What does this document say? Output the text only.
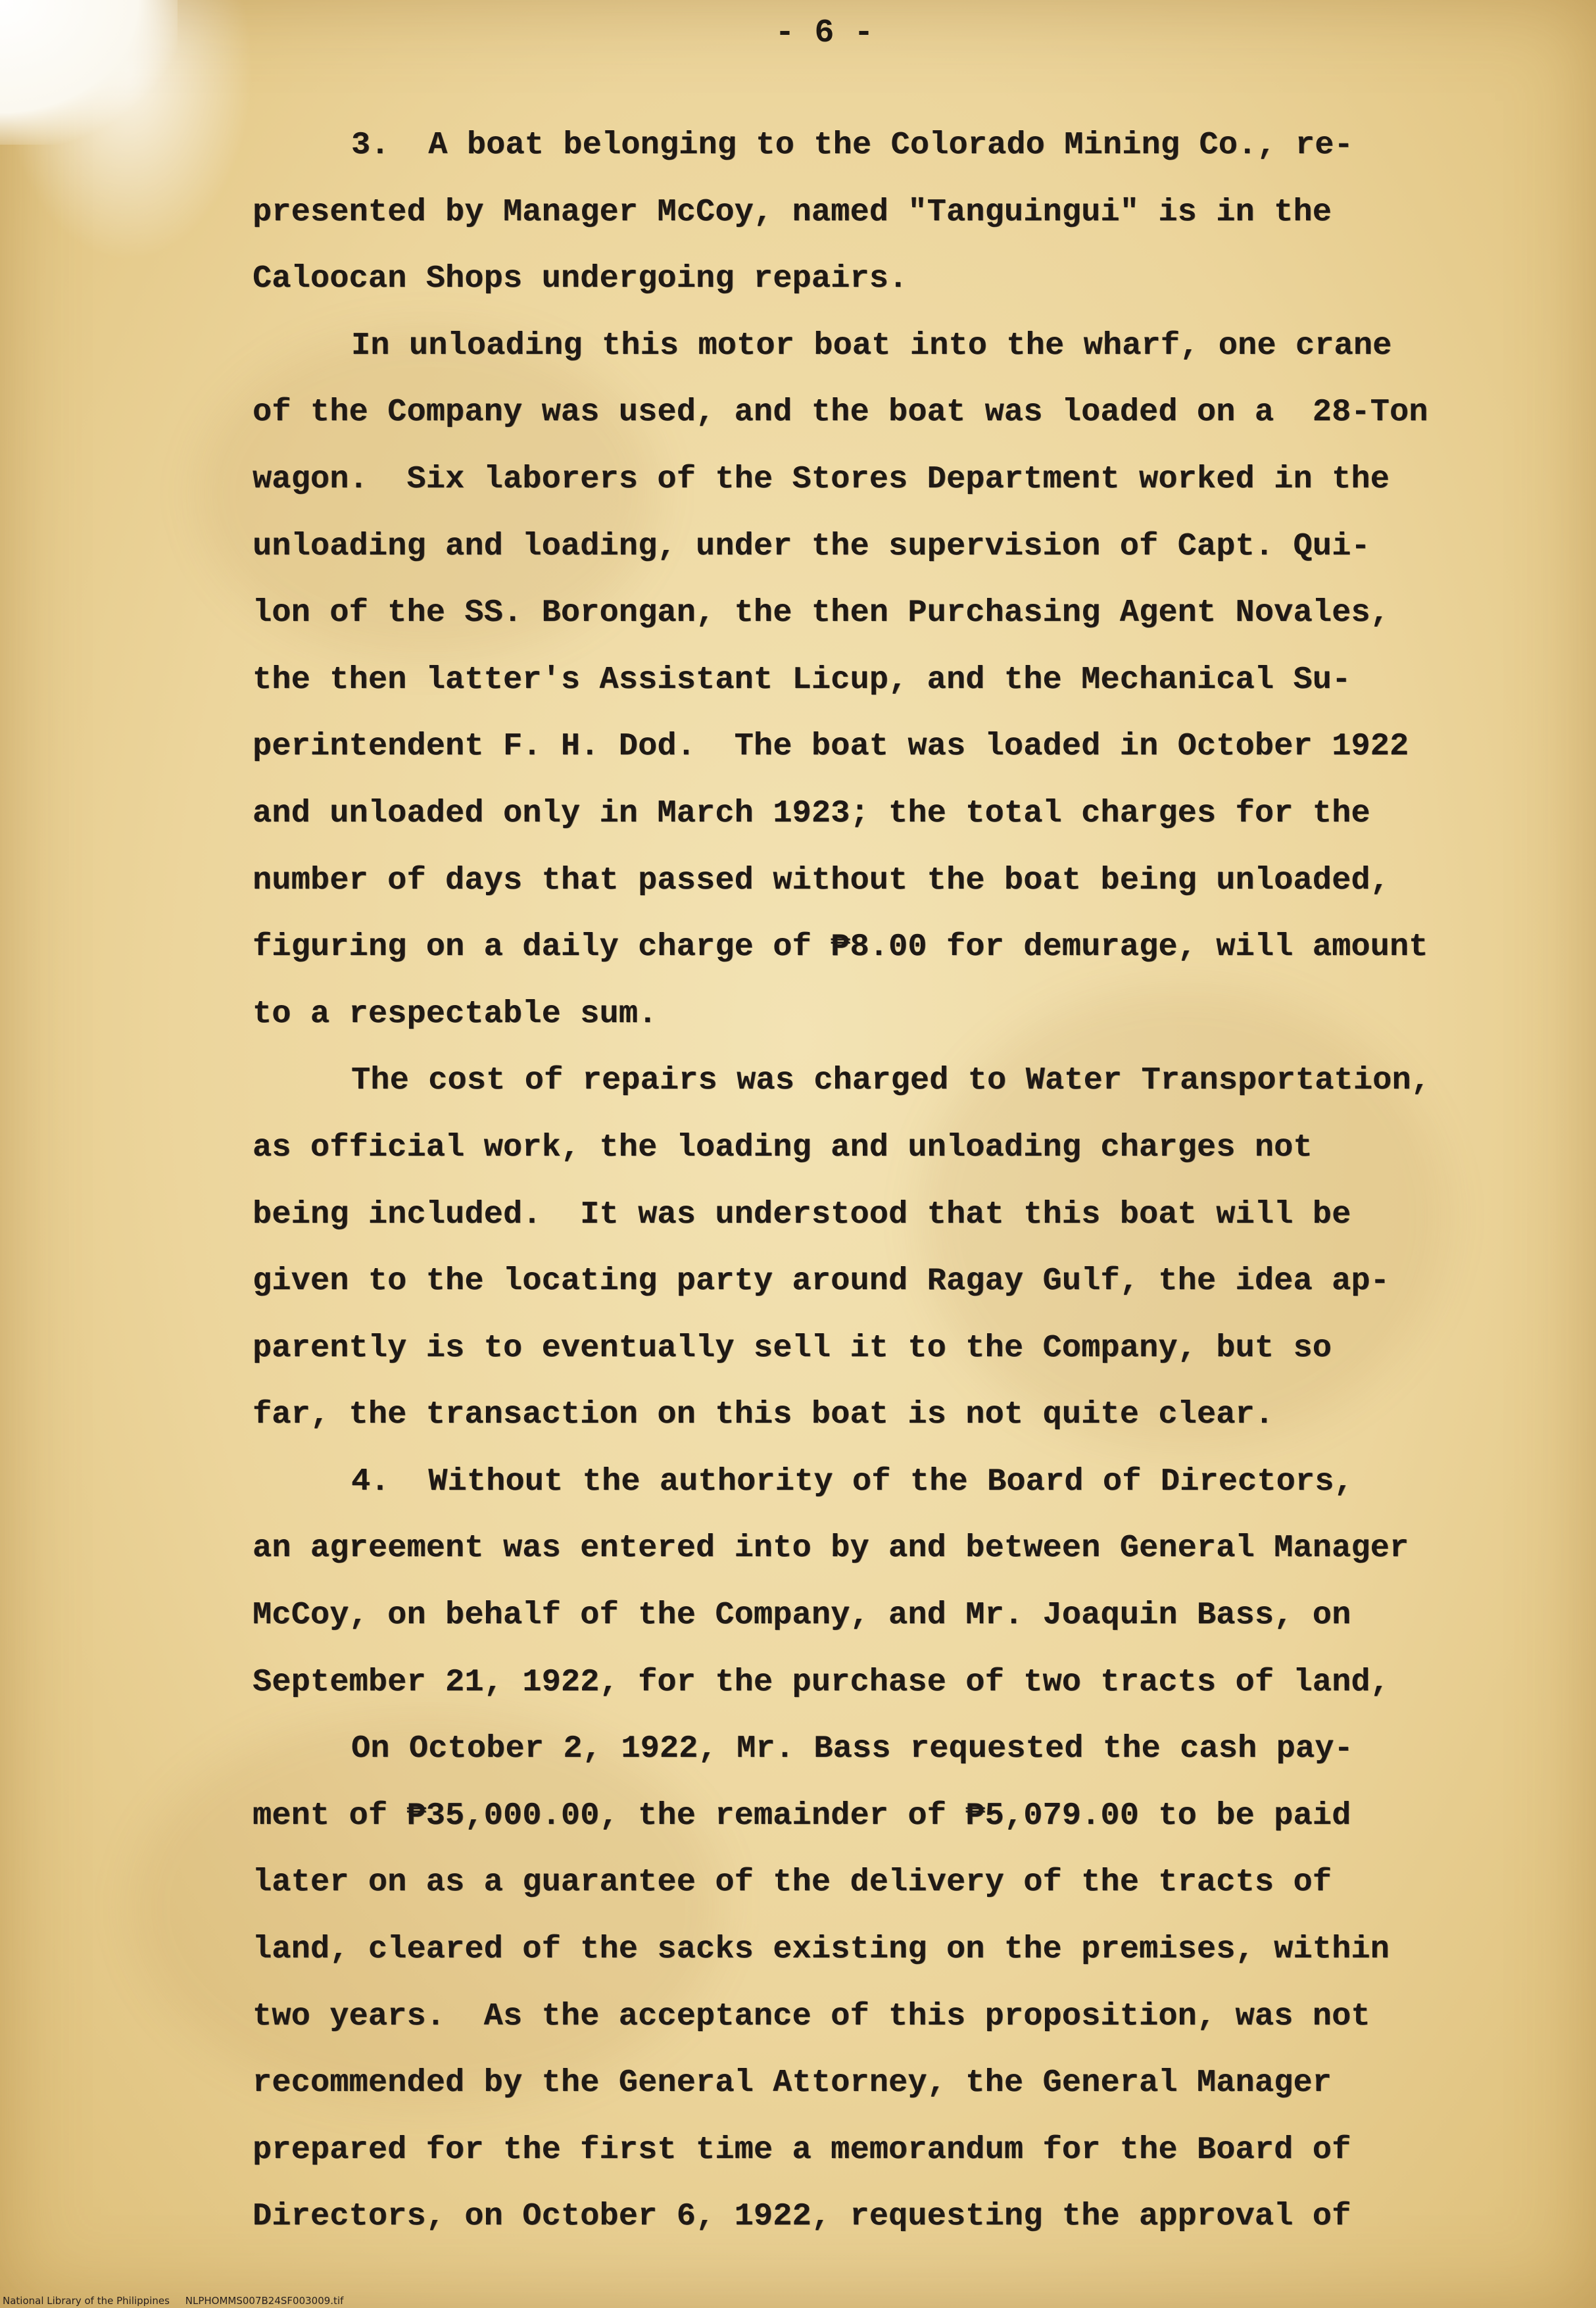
- 6 -
3.  A boat belonging to the Colorado Mining Co., re-
presented by Manager McCoy, named "Tanguingui" is in the
Caloocan Shops undergoing repairs.
In unloading this motor boat into the wharf, one crane
of the Company was used, and the boat was loaded on a  28-Ton
wagon.  Six laborers of the Stores Department worked in the
unloading and loading, under the supervision of Capt. Qui-
lon of the SS. Borongan, the then Purchasing Agent Novales,
the then latter's Assistant Licup, and the Mechanical Su-
perintendent F. H. Dod.  The boat was loaded in October 1922
and unloaded only in March 1923; the total charges for the
number of days that passed without the boat being unloaded,
figuring on a daily charge of ₱8.00 for demurage, will amount
to a respectable sum.
The cost of repairs was charged to Water Transportation,
as official work, the loading and unloading charges not
being included.  It was understood that this boat will be
given to the locating party around Ragay Gulf, the idea ap-
parently is to eventually sell it to the Company, but so
far, the transaction on this boat is not quite clear.
4.  Without the authority of the Board of Directors,
an agreement was entered into by and between General Manager
McCoy, on behalf of the Company, and Mr. Joaquin Bass, on
September 21, 1922, for the purchase of two tracts of land,
On October 2, 1922, Mr. Bass requested the cash pay-
ment of ₱35,000.00, the remainder of ₱5,079.00 to be paid
later on as a guarantee of the delivery of the tracts of
land, cleared of the sacks existing on the premises, within
two years.  As the acceptance of this proposition, was not
recommended by the General Attorney, the General Manager
prepared for the first time a memorandum for the Board of
Directors, on October 6, 1922, requesting the approval of
National Library of the Philippines     NLPHOMMS007B24SF003009.tif
